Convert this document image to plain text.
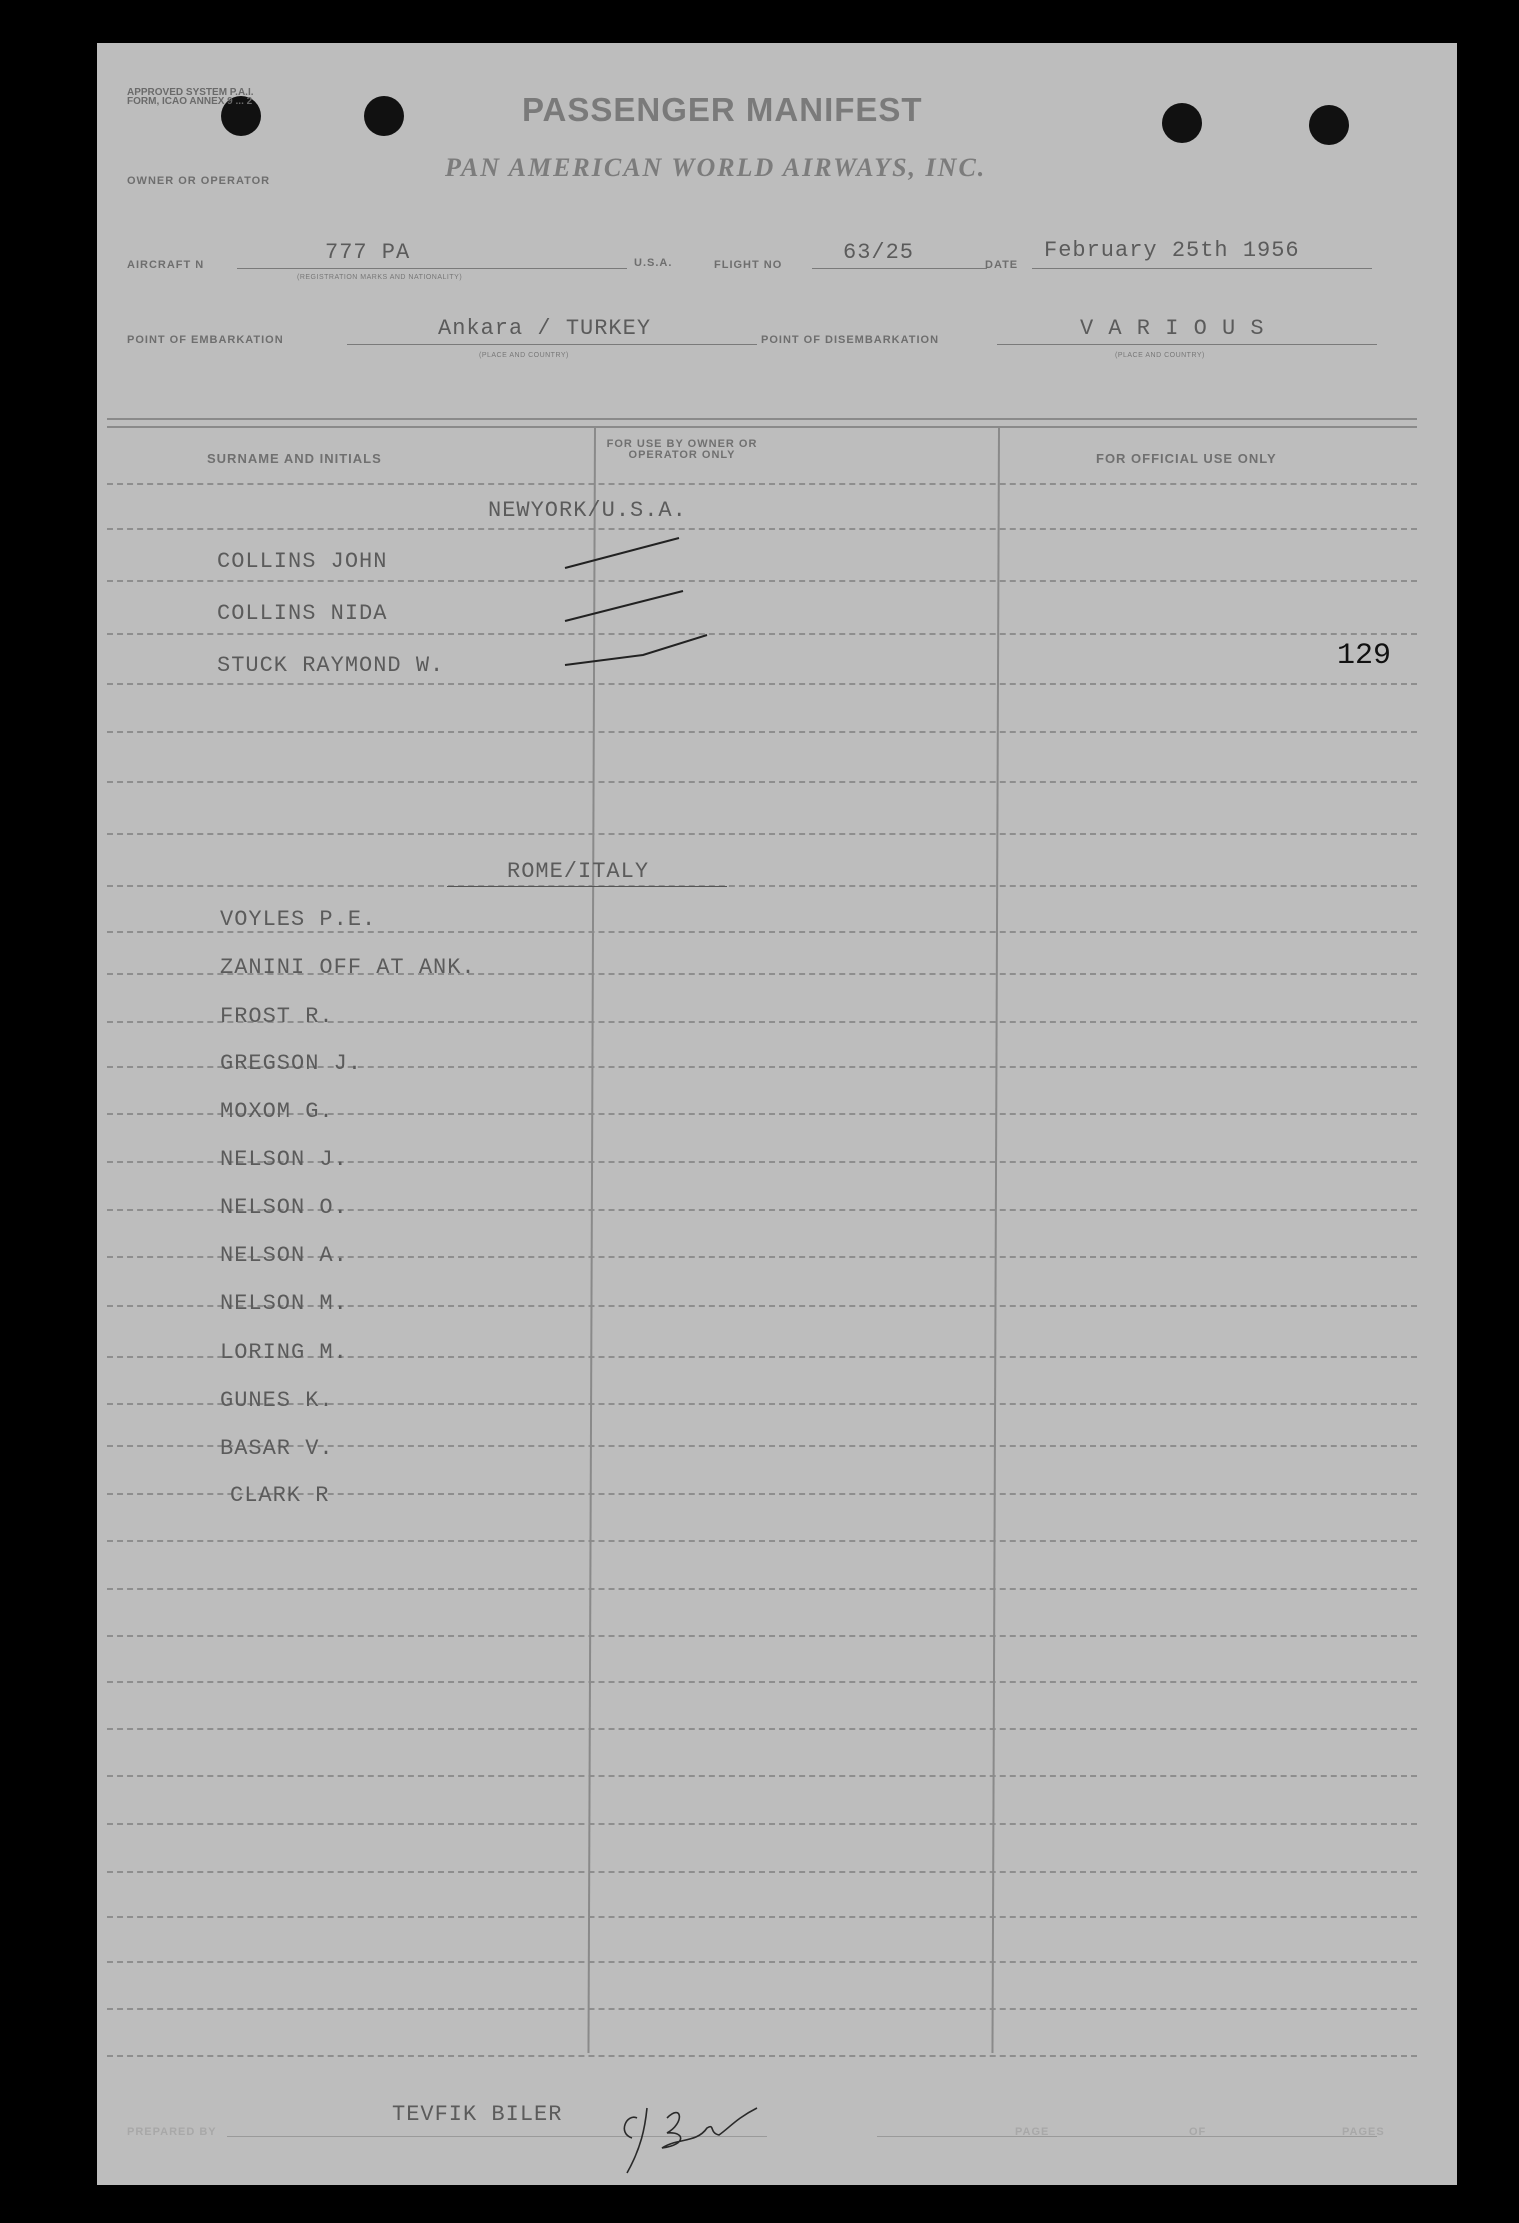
APPROVED SYSTEM P.A.I. FORM, ICAO ANNEX 9 ... 2	PASSENGER MANIFEST
OWNER OR OPERATOR	PAN AMERICAN WORLD AIRWAYS, INC.
AIRCRAFT N	777 PA
(REGISTRATION MARKS AND NATIONALITY)
U.S.A.	FLIGHT NO	63/25	DATE
February 25th 1956
POINT OF EMBARKATION	Ankara / TURKEY
(PLACE AND COUNTRY)
POINT OF DISEMBARKATION	V A R I O U S
(PLACE AND COUNTRY)
SURNAME AND INITIALS
FOR USE BY OWNER OR OPERATOR ONLY	FOR OFFICIAL USE ONLY
NEWYORK/U.S.A.
COLLINS JOHN
COLLINS NIDA
STUCK RAYMOND W.	129
ROME/ITALY
VOYLES P.E.
ZANINI OFF AT ANK.
FROST R.
GREGSON J.
MOXOM G.
NELSON J.
NELSON O.
NELSON A.
NELSON M.
LORING M.
GUNES K.
BASAR V.
CLARK R
PREPARED BY
TEVFIK BILER
PAGE	OF	PAGES
